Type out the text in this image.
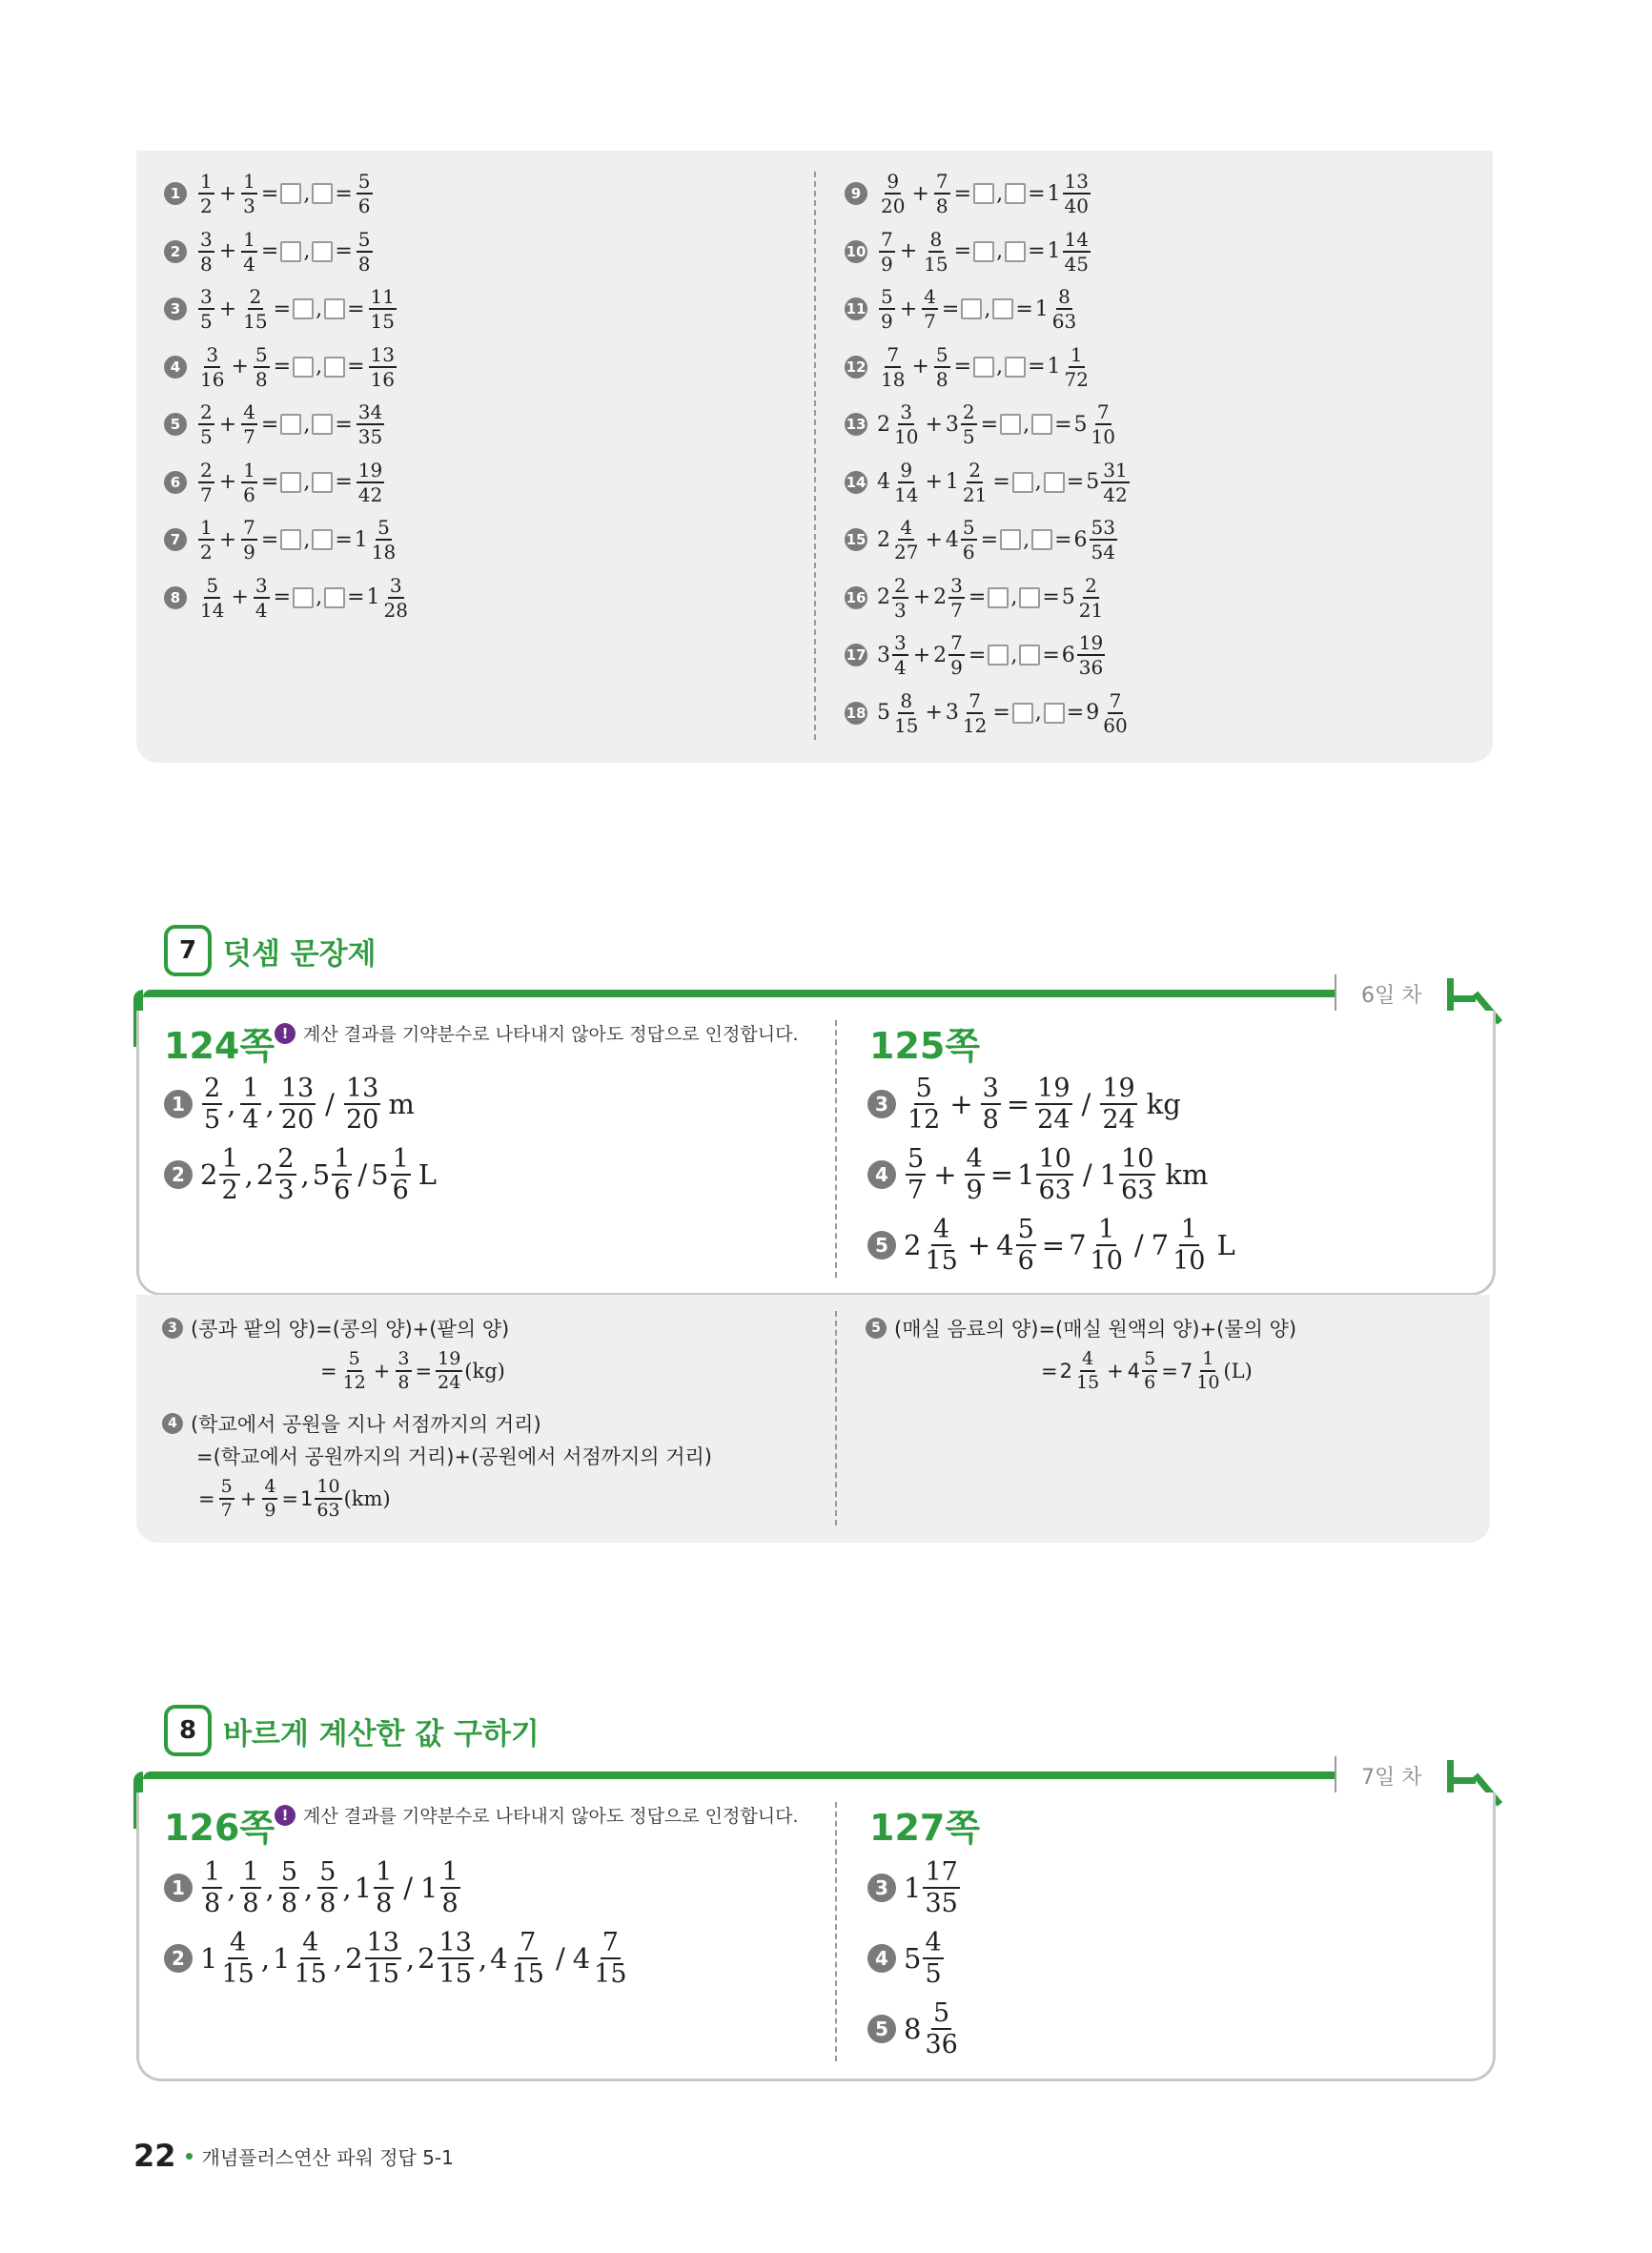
$1 \frac{1}{2} + \frac{1}{3}$ = , = $\frac{5}{6}$
$2 \frac{3}{8} + \frac{1}{4}$ = , = $\frac{5}{8}$
$3 \frac{3}{5} + \frac{2}{15}$ = , = $\frac{11}{15}$
$4 \frac{3}{16} + \frac{5}{8}$ = , = $\frac{13}{16}$
$5 \frac{2}{5} + \frac{4}{7}$ = , = $\frac{34}{35}$
$6 \frac{2}{7} + \frac{1}{6}$ = , = $\frac{19}{42}$
$7 \frac{1}{2} + \frac{7}{9}$ = , = $1 \frac{5}{18}$
$8 \frac{5}{14} + \frac{3}{4}$ = , = $1 \frac{3}{28}$
$9 \frac{9}{20} + \frac{7}{8}$ = , = $1 \frac{13}{40}$
$10 \frac{7}{9} + \frac{8}{15}$ = , = $1 \frac{14}{45}$
$11 \frac{5}{9} + \frac{4}{7}$ = , = $1 \frac{8}{63}$
$12 \frac{7}{18} + \frac{5}{8}$ = , = $1 \frac{1}{72}$
13 $2 \frac{3}{10} + 3 \frac{2}{5}$ = , = $5 \frac{7}{10}$
14 $4 \frac{9}{14} + 1 \frac{2}{21}$ = , = $5 \frac{31}{42}$
15 $2 \frac{4}{27} + 4 \frac{5}{6}$ = , = $6 \frac{53}{54}$
16 $2 \frac{2}{3} + 2 \frac{3}{7}$ = , = $5 \frac{2}{21}$
17 $3 \frac{3}{4} + 2 \frac{7}{9}$ = , = $6 \frac{19}{36}$
18 $5 \frac{8}{15} + 3 \frac{7}{12}$ = , = $9 \frac{7}{60}$
7 덧셈 문장제
6일 차
124쪽 ! 계산 결과를 기약분수로 나타내지 않아도 정답으로 인정합니다. 125쪽
$1 \frac{2}{5}$ , $\frac{1}{4}$ , $\frac{13}{20} / \frac{13}{20}$ m
2 $2 \frac{1}{2}$ , $2 \frac{2}{3}$ , $5 \frac{1}{6} / 5 \frac{1}{6}$ L
$3 \frac{5}{12} + \frac{3}{8} = \frac{19}{24} / \frac{19}{24}$ kg
$4 \frac{5}{7} + \frac{4}{9} = 1 \frac{10}{63} / 1 \frac{10}{63}$ km
5 $2 \frac{4}{15} + 4 \frac{5}{6} = 7 \frac{1}{10} / 7 \frac{1}{10}$ L
3 (콩과 팥의 양)=(콩의 양)+(팥의 양)
= $\frac{5}{12} + \frac{3}{8} = \frac{19}{24} (kg)$
4 (학교에서 공원을 지나 서점까지의 거리)
=(학교에서 공원까지의 거리)+(공원에서 서점까지의 거리)
= $\frac{5}{7} + \frac{4}{9} = 1 \frac{10}{63} (km)$
5 (매실 음료의 양)=(매실 원액의 양)+(물의 양)
= $2 \frac{4}{15} + 4 \frac{5}{6} = 7 \frac{1}{10} (L)$
8 바르게 계산한 값 구하기
7일 차
126쪽 ! 계산 결과를 기약분수로 나타내지 않아도 정답으로 인정합니다. 127쪽
$1 \frac{1}{8}$ , $\frac{1}{8}$ , $\frac{5}{8}$ , $\frac{5}{8}$ , $1 \frac{1}{8} / 1 \frac{1}{8}$
2 $1 \frac{4}{15}$ , $1 \frac{4}{15}$ , $2 \frac{13}{15}$ , $2 \frac{13}{15}$ , $4 \frac{7}{15} / 4 \frac{7}{15}$
3 $1 \frac{17}{35}$
4 $5 \frac{4}{5}$
5 $8 \frac{5}{36}$
22 개념플러스연산 파워 정답 5-1
